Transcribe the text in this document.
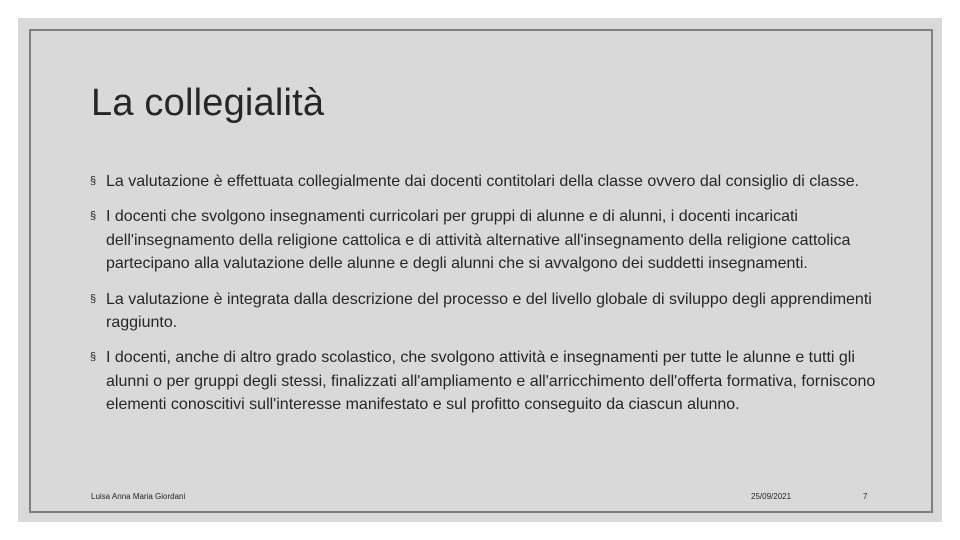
La collegialità
§ La valutazione è effettuata collegialmente dai docenti contitolari della classe ovvero dal consiglio di classe.
§ I docenti che svolgono insegnamenti curricolari per gruppi di alunne e di alunni, i docenti incaricati dell'insegnamento della religione cattolica e di attività alternative all'insegnamento della religione cattolica partecipano alla valutazione delle alunne e degli alunni che si avvalgono dei suddetti insegnamenti.
§ La valutazione è integrata dalla descrizione del processo e del livello globale di sviluppo degli apprendimenti raggiunto.
§ I docenti, anche di altro grado scolastico, che svolgono attività e insegnamenti per tutte le alunne e tutti gli alunni o per gruppi degli stessi, finalizzati all'ampliamento e all'arricchimento dell'offerta formativa, forniscono elementi conoscitivi sull'interesse manifestato e sul profitto conseguito da ciascun alunno.
Luisa Anna Maria Giordani	25/09/2021	7
